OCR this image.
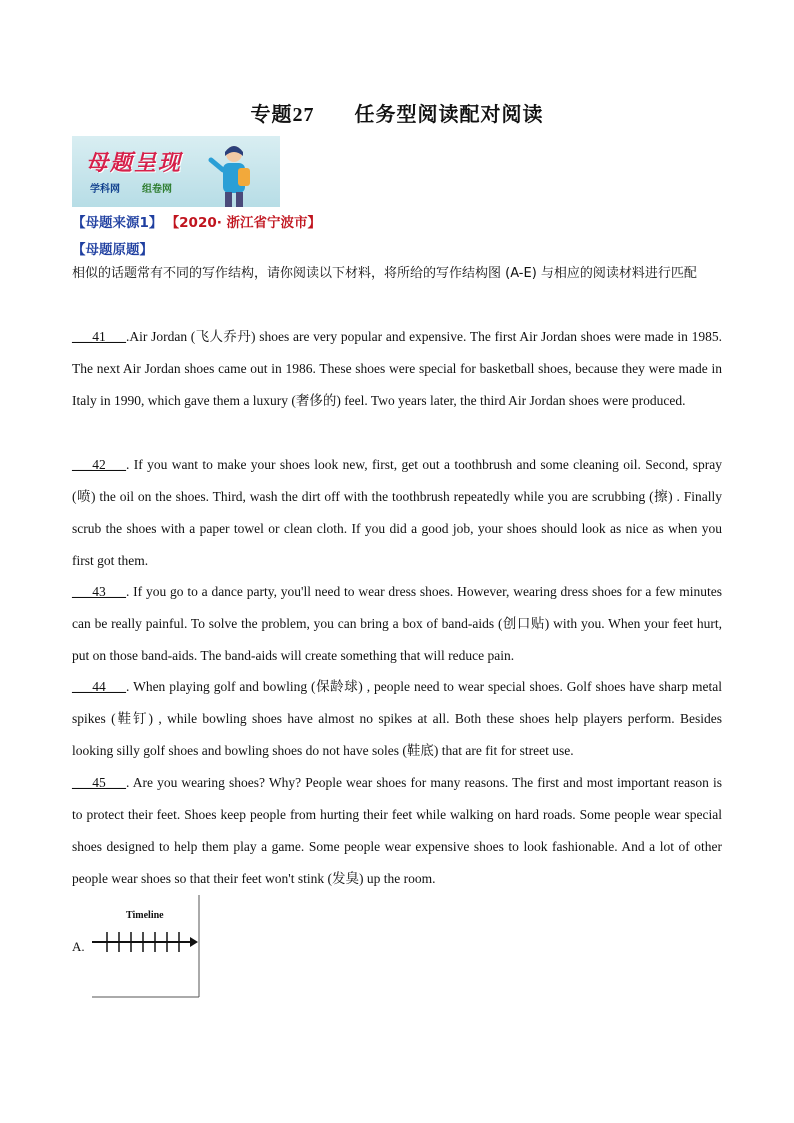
专题27 任务型阅读配对阅读
母题呈现
学科网 组卷网
【母题来源1】 【2020· 浙江省宁波市】
【母题原题】
相似的话题常有不同的写作结构，请你阅读以下材料，将所给的写作结构图 (A-E) 与相应的阅读材料进行匹配
___41___.Air Jordan (飞人乔丹) shoes are very popular and expensive. The first Air Jordan shoes were made in 1985. The next Air Jordan shoes came out in 1986. These shoes were special for basketball shoes, because they were made in Italy in 1990, which gave them a luxury (奢侈的) feel. Two years later, the third Air Jordan shoes were produced.
___42___. If you want to make your shoes look new, first, get out a toothbrush and some cleaning oil. Second, spray (喷) the oil on the shoes. Third, wash the dirt off with the toothbrush repeatedly while you are scrubbing (擦) . Finally scrub the shoes with a paper towel or clean cloth. If you did a good job, your shoes should look as nice as when you first got them.
___43___. If you go to a dance party, you'll need to wear dress shoes. However, wearing dress shoes for a few minutes can be really painful. To solve the problem, you can bring a box of band-aids (创口贴) with you. When your feet hurt, put on those band-aids. The band-aids will create something that will reduce pain.
___44___. When playing golf and bowling (保龄球) , people need to wear special shoes. Golf shoes have sharp metal spikes (鞋钉) , while bowling shoes have almost no spikes at all. Both these shoes help players perform. Besides looking silly golf shoes and bowling shoes do not have soles (鞋底) that are fit for street use.
___45___. Are you wearing shoes? Why? People wear shoes for many reasons. The first and most important reason is to protect their feet. Shoes keep people from hurting their feet while walking on hard roads. Some people wear special shoes designed to help them play a game. Some people wear expensive shoes to look fashionable. And a lot of other people wear shoes so that their feet won't stink (发臭) up the room.
A.
Timeline
